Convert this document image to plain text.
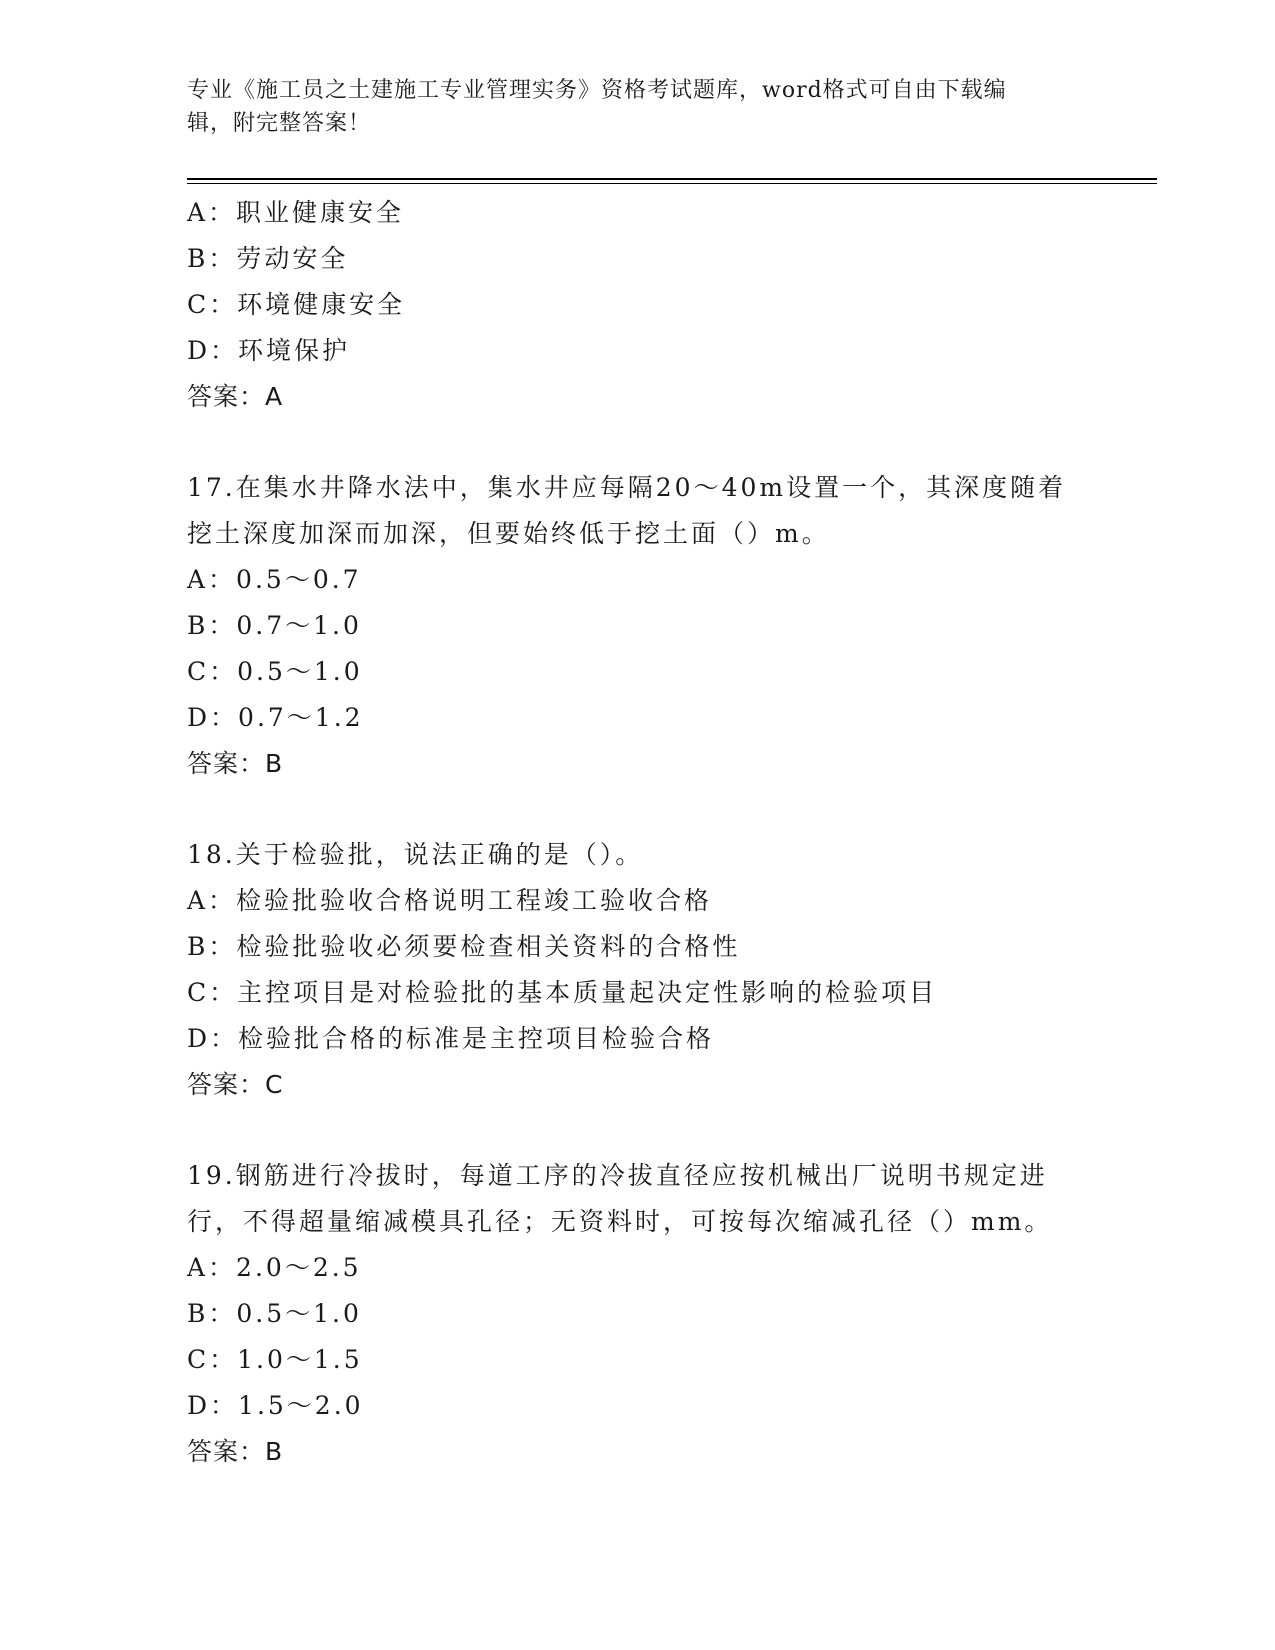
专业《施工员之土建施工专业管理实务》资格考试题库，word格式可自由下载编
辑，附完整答案！
A：职业健康安全
B：劳动安全
C：环境健康安全
D：环境保护
答案：A
17.在集水井降水法中，集水井应每隔20～40m设置一个，其深度随着
挖土深度加深而加深，但要始终低于挖土面（）m。
A：0.5～0.7
B：0.7～1.0
C：0.5～1.0
D：0.7～1.2
答案：B
18.关于检验批，说法正确的是（）。
A：检验批验收合格说明工程竣工验收合格
B：检验批验收必须要检查相关资料的合格性
C：主控项目是对检验批的基本质量起决定性影响的检验项目
D：检验批合格的标准是主控项目检验合格
答案：C
19.钢筋进行冷拔时，每道工序的冷拔直径应按机械出厂说明书规定进
行，不得超量缩减模具孔径；无资料时，可按每次缩减孔径（）mm。
A：2.0～2.5
B：0.5～1.0
C：1.0～1.5
D：1.5～2.0
答案：B
